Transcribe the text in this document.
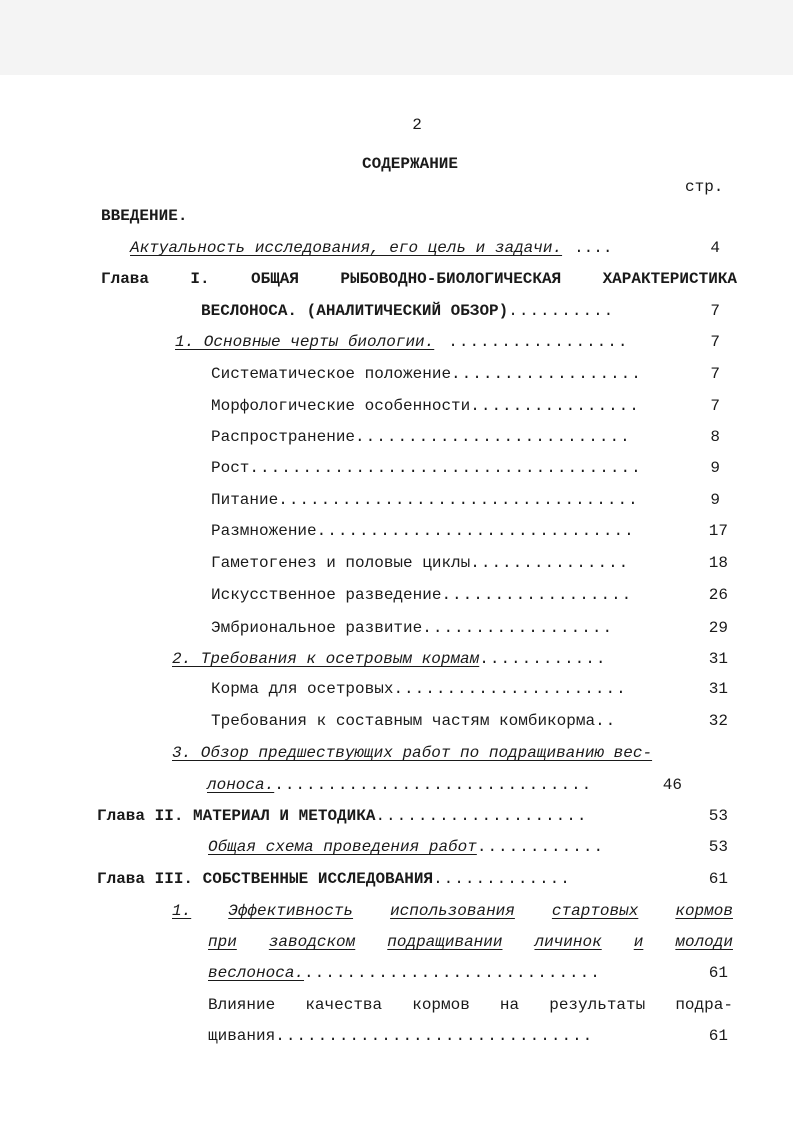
2
СОДЕРЖАНИЕ
стр.
ВВЕДЕНИЕ.
Актуальность исследования, его цель и задачи. ....	4
Глава	I.	ОБЩАЯ	РЫБОВОДНО-БИОЛОГИЧЕСКАЯ	ХАРАКТЕРИСТИКА
ВЕСЛОНОСА. (АНАЛИТИЧЕСКИЙ ОБЗОР) ..........	7
1. Основные черты биологии. .................	7
Систематическое положение ..................	7
Морфологические особенности ................	7
Распространение ..........................	8
Рост .....................................	9
Питание ..................................	9
Размножение ..............................	17
Гаметогенез и половые циклы ...............	18
Искусственное разведение ..................	26
Эмбриональное развитие ..................	29
2. Требования к осетровым кормам ............	31
Корма для осетровых ......................	31
Требования к составным частям комбикорма ..	32
3. Обзор предшествующих работ по подращиванию вес-
лоноса. ..............................	46
Глава II. МАТЕРИАЛ И МЕТОДИКА ....................	53
Общая схема проведения работ ............	53
Глава III. СОБСТВЕННЫЕ ИССЛЕДОВАНИЯ .............	61
1. Эффективность использования стартовых кормов
при заводском подращивании личинок и молоди
веслоноса. ............................	61
Влияние качества кормов на результаты подра-
щивания ..............................	61
